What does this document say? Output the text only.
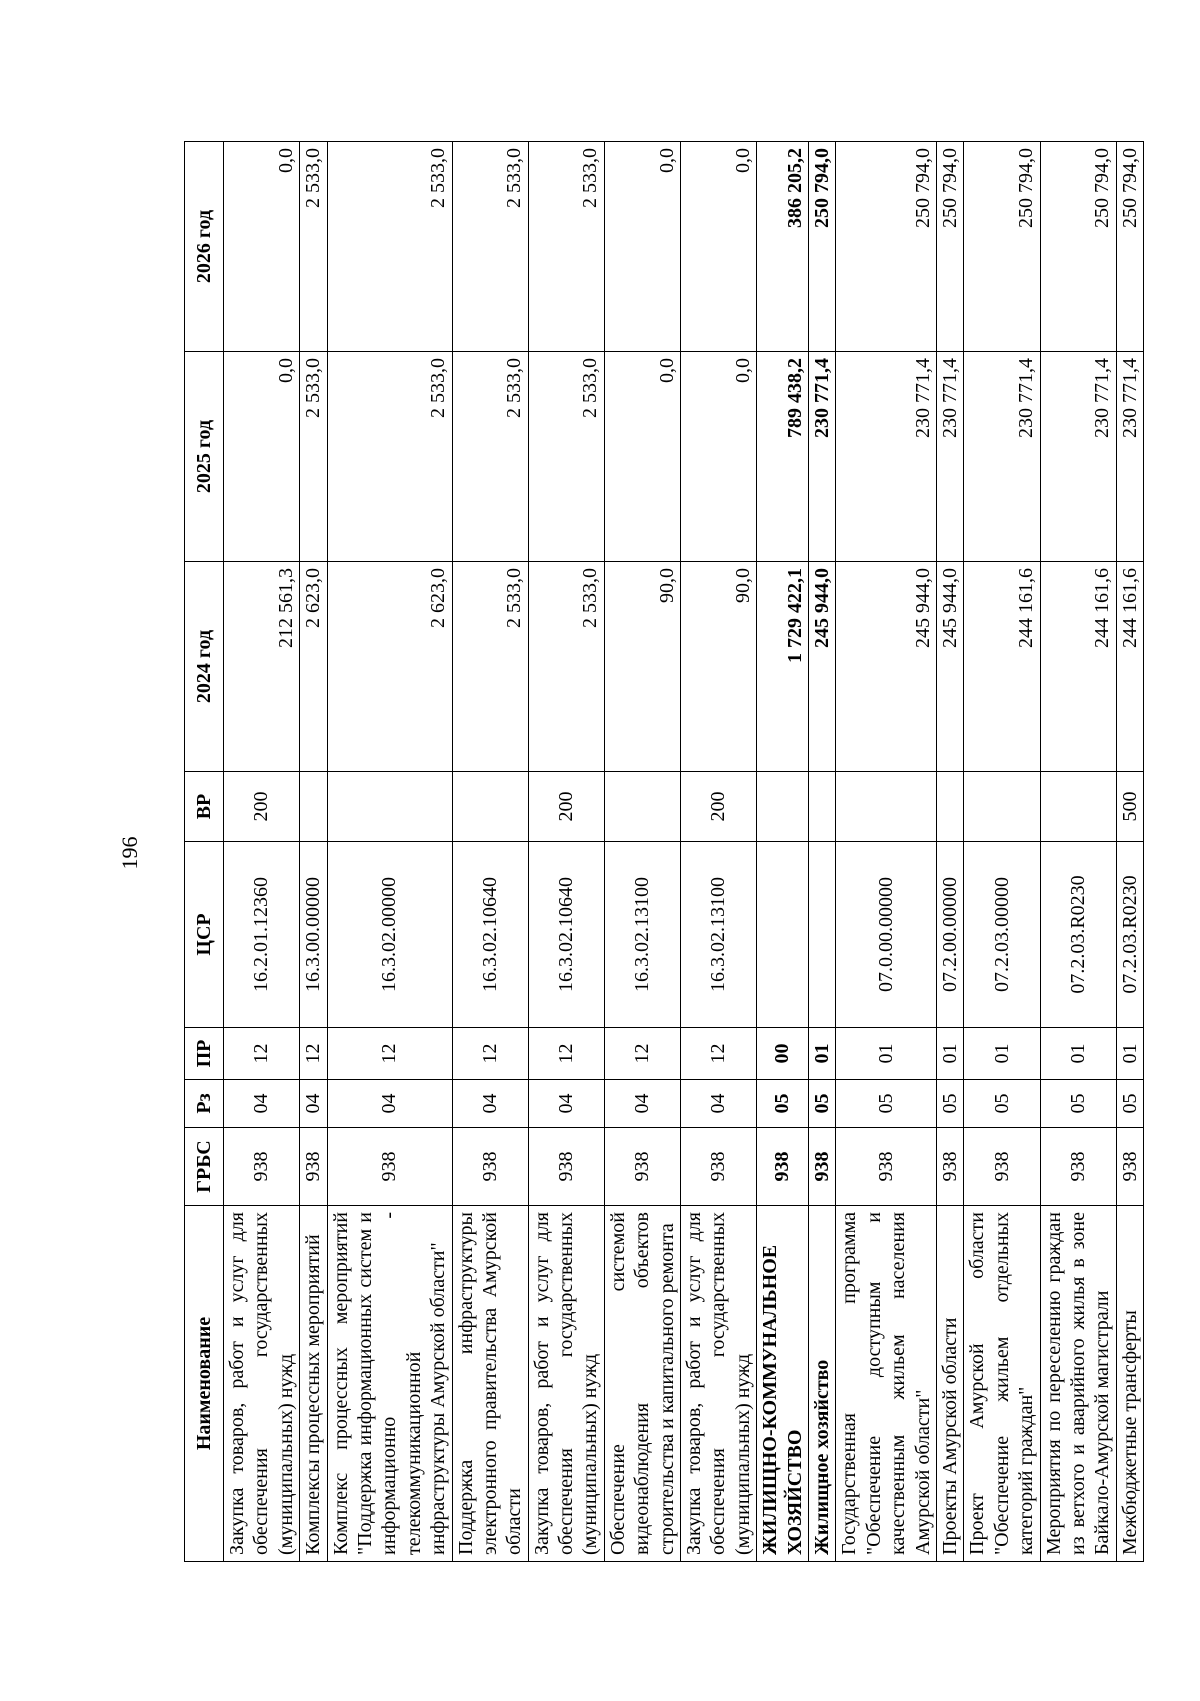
196
Наименование	ГРБС	Рз	ПР	ЦСР	ВР	2024 год	2025 год	2026 год
Закупка товаров, работ и услуг для обеспечения государственных (муниципальных) нужд	938	04	12	16.2.01.12360	200	212 561,3	0,0	0,0
Комплексы процессных мероприятий	938	04	12	16.3.00.00000		2 623,0	2 533,0	2 533,0
Комплекс процессных мероприятий "Поддержка информационных систем и информационно - телекоммуникационной инфраструктуры Амурской области"	938	04	12	16.3.02.00000		2 623,0	2 533,0	2 533,0
Поддержка инфраструктуры электронного правительства Амурской области	938	04	12	16.3.02.10640		2 533,0	2 533,0	2 533,0
Закупка товаров, работ и услуг для обеспечения государственных (муниципальных) нужд	938	04	12	16.3.02.10640	200	2 533,0	2 533,0	2 533,0
Обеспечение системой видеонаблюдения объектов строительства и капитального ремонта	938	04	12	16.3.02.13100		90,0	0,0	0,0
Закупка товаров, работ и услуг для обеспечения государственных (муниципальных) нужд	938	04	12	16.3.02.13100	200	90,0	0,0	0,0
ЖИЛИЩНО-КОММУНАЛЬНОЕ ХОЗЯЙСТВО	938	05	00			1 729 422,1	789 438,2	386 205,2
Жилищное хозяйство	938	05	01			245 944,0	230 771,4	250 794,0
Государственная программа "Обеспечение доступным и качественным жильем населения Амурской области"	938	05	01	07.0.00.00000		245 944,0	230 771,4	250 794,0
Проекты Амурской области	938	05	01	07.2.00.00000		245 944,0	230 771,4	250 794,0
Проект Амурской области "Обеспечение жильем отдельных категорий граждан"	938	05	01	07.2.03.00000		244 161,6	230 771,4	250 794,0
Мероприятия по переселению граждан из ветхого и аварийного жилья в зоне Байкало-Амурской магистрали	938	05	01	07.2.03.R0230		244 161,6	230 771,4	250 794,0
Межбюджетные трансферты	938	05	01	07.2.03.R0230	500	244 161,6	230 771,4	250 794,0
